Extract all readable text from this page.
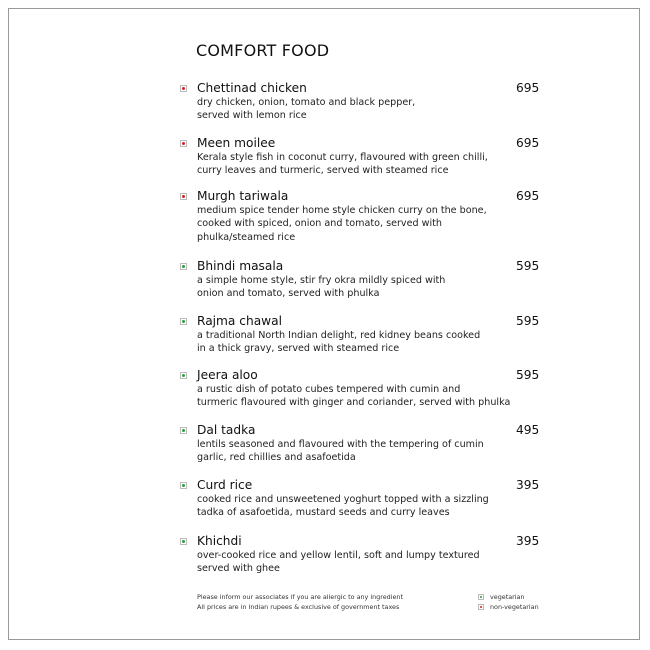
COMFORT FOOD
Chettinad chicken	695
dry chicken, onion, tomato and black pepper,
served with lemon rice
Meen moilee	695
Kerala style fish in coconut curry, flavoured with green chilli,
curry leaves and turmeric, served with steamed rice
Murgh tariwala	695
medium spice tender home style chicken curry on the bone,
cooked with spiced, onion and tomato, served with
phulka/steamed rice
Bhindi masala	595
a simple home style, stir fry okra mildly spiced with
onion and tomato, served with phulka
Rajma chawal	595
a traditional North Indian delight, red kidney beans cooked
in a thick gravy, served with steamed rice
Jeera aloo	595
a rustic dish of potato cubes tempered with cumin and
turmeric flavoured with ginger and coriander, served with phulka
Dal tadka	495
lentils seasoned and flavoured with the tempering of cumin
garlic, red chillies and asafoetida
Curd rice	395
cooked rice and unsweetened yoghurt topped with a sizzling
tadka of asafoetida, mustard seeds and curry leaves
Khichdi	395
over-cooked rice and yellow lentil, soft and lumpy textured
served with ghee
Please inform our associates if you are allergic to any ingredient
All prices are in Indian rupees & exclusive of government taxes
vegetarian
non-vegetarian
